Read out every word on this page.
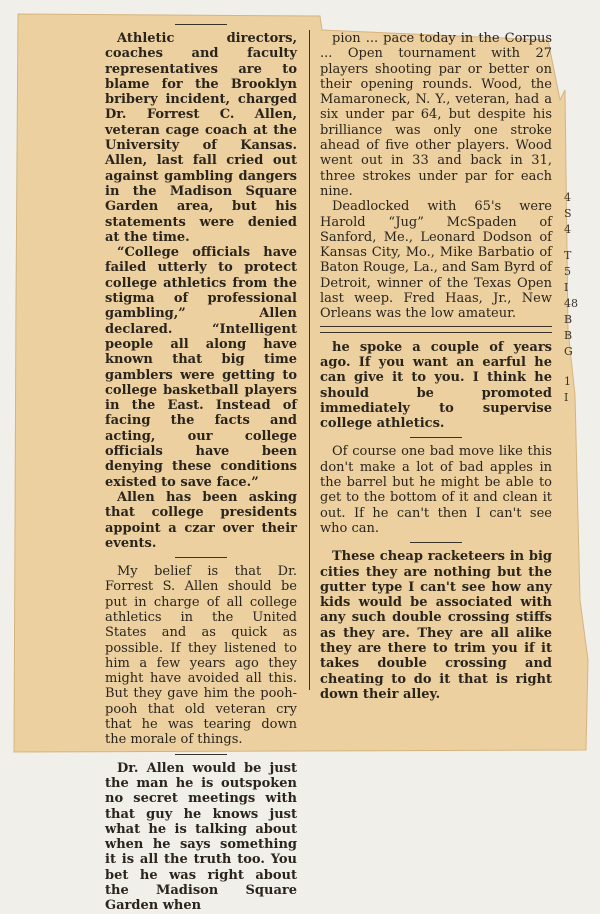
Athletic directors, coaches and faculty representatives are to blame for the Brooklyn bribery incident, charged Dr. Forrest C. Allen, veteran cage coach at the University of Kansas. Allen, last fall cried out against gambling dangers in the Madison Square Garden area, but his statements were denied at the time.

“College officials have failed utterly to protect college athletics from the stigma of professional gambling,” Allen declared. “Intelligent people all along have known that big time gamblers were getting to college basketball players in the East. Instead of facing the facts and acting, our college officials have been denying these conditions existed to save face.”

Allen has been asking that college presidents appoint a czar over their events.

My belief is that Dr. Forrest S. Allen should be put in charge of all college athletics in the United States and as quick as possible. If they listened to him a few years ago they might have avoided all this. But they gave him the pooh-pooh that old veteran cry that he was tearing down the morale of things.

Dr. Allen would be just the man he is outspoken no secret meetings with that guy he knows just what he is talking about when he says something it is all the truth too. You bet he was right about the Madison Square Garden when

pion ... pace today in the Corpus ... Open tournament with 27 players shooting par or better on their opening rounds. Wood, the Mamaroneck, N. Y., veteran, had a six under par 64, but despite his brilliance was only one stroke ahead of five other players. Wood went out in 33 and back in 31, three strokes under par for each nine.

Deadlocked with 65's were Harold “Jug” McSpaden of Sanford, Me., Leonard Dodson of Kansas City, Mo., Mike Barbatio of Baton Rouge, La., and Sam Byrd of Detroit, winner of the Texas Open last weep. Fred Haas, Jr., New Orleans was the low amateur.

he spoke a couple of years ago. If you want an earful he can give it to you. I think he should be promoted immediately to supervise college athletics.

Of course one bad move like this don't make a lot of bad apples in the barrel but he might be able to get to the bottom of it and clean it out. If he can't then I can't see who can.

These cheap racketeers in big cities they are nothing but the gutter type I can't see how any kids would be associated with any such double crossing stiffs as they are. They are all alike they are there to trim you if it takes double crossing and cheating to do it that is right down their alley.

4
S
4
T
5
I
48
B
B
G
1
I
